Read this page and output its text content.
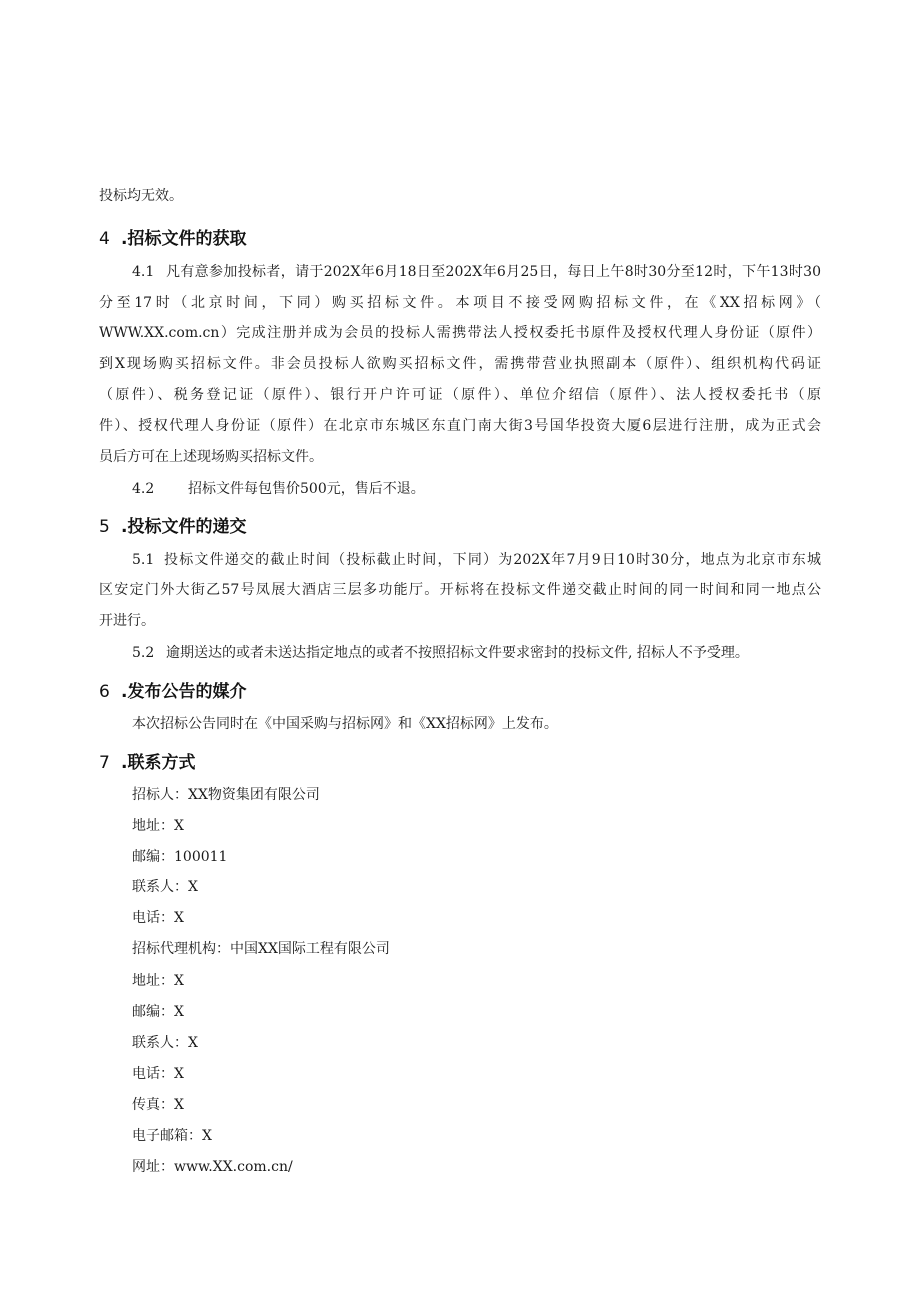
投标均无效。
4 .招标文件的获取
4.1 凡有意参加投标者，请于202X年6月18日至202X年6月25日，每日上午8时30分至12时，下午13时30
分至17时（北京时间，下同）购买招标文件。本项目不接受网购招标文件，在《XX招标网》（
WWW.XX.com.cn）完成注册并成为会员的投标人需携带法人授权委托书原件及授权代理人身份证（原件）
到X现场购买招标文件。非会员投标人欲购买招标文件，需携带营业执照副本（原件）、组织机构代码证
（原件）、税务登记证（原件）、银行开户许可证（原件）、单位介绍信（原件）、法人授权委托书（原
件）、授权代理人身份证（原件）在北京市东城区东直门南大街3号国华投资大厦6层进行注册，成为正式会
员后方可在上述现场购买招标文件。
4.2 招标文件每包售价500元，售后不退。
5 .投标文件的递交
5.1 投标文件递交的截止时间（投标截止时间，下同）为202X年7月9日10时30分，地点为北京市东城
区安定门外大街乙57号凤展大酒店三层多功能厅。开标将在投标文件递交截止时间的同一时间和同一地点公
开进行。
5.2 逾期送达的或者未送达指定地点的或者不按照招标文件要求密封的投标文件, 招标人不予受理。
6 .发布公告的媒介
本次招标公告同时在《中国采购与招标网》和《XX招标网》上发布。
7 .联系方式
招标人：XX物资集团有限公司
地址：X
邮编：100011
联系人：X
电话：X
招标代理机构：中国XX国际工程有限公司
地址：X
邮编：X
联系人：X
电话：X
传真：X
电子邮箱：X
网址：www.XX.com.cn/
